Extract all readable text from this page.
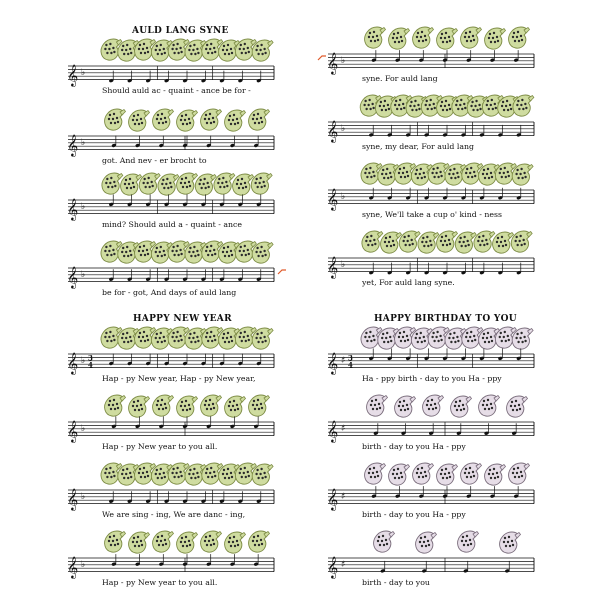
AULD LANG SYNE
𝄞 ♭
Should auld ac - quaint - ance be for -
𝄞 ♭
got. And nev - er brocht to
𝄞 ♭
mind? Should auld a - quaint - ance
𝄞 ♭
be for - got, And days of auld lang
𝄞 ♭
syne. For auld lang
𝄞 ♭
syne, my dear, For auld lang
𝄞 ♭
syne, We'll take a cup o' kind - ness
𝄞 ♭
yet, For auld lang syne.
HAPPY NEW YEAR
𝄞 ♭ 3
4
Hap - py New year, Hap - py New year,
𝄞 ♭
Hap - py New year to you all.
𝄞 ♭
We are sing - ing, We are danc - ing,
𝄞 ♭
Hap - py New year to you all.
HAPPY BIRTHDAY TO YOU
𝄞 ♯ 3
4
Ha - ppy birth - day to you Ha - ppy
𝄞 ♯
birth - day to you Ha - ppy
𝄞 ♯
birth - day to you Ha - ppy
𝄞 ♯
birth - day to you
